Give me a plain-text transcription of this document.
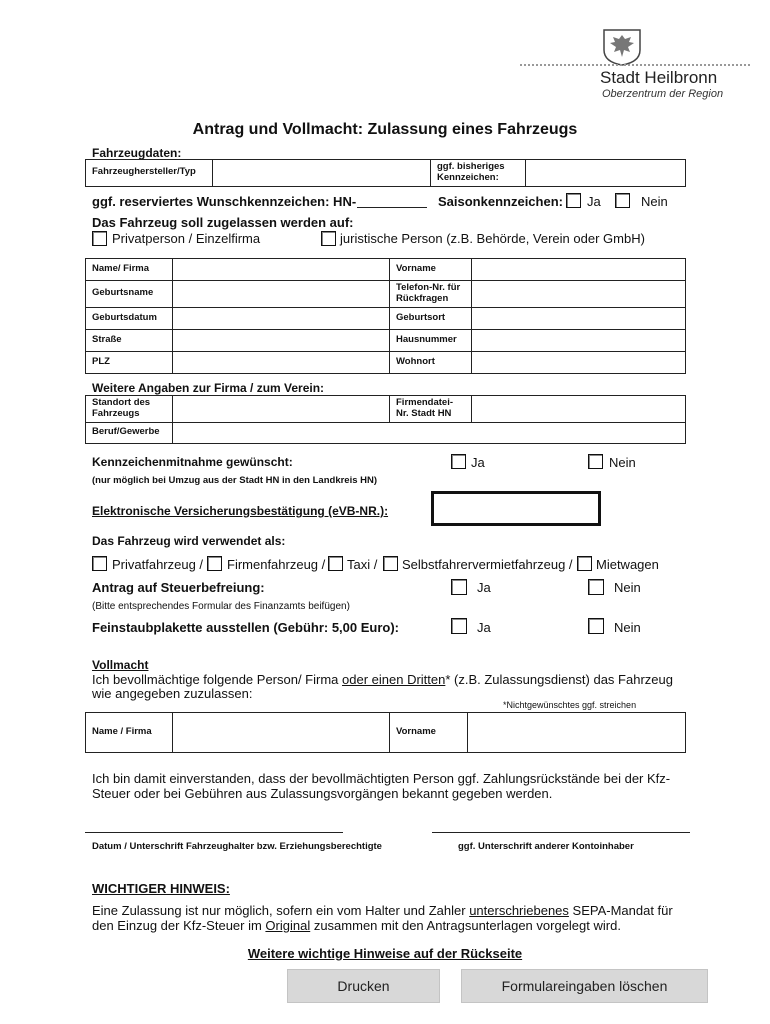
Stadt Heilbronn
Oberzentrum der Region
Antrag und Vollmacht: Zulassung eines Fahrzeugs
Fahrzeugdaten:
Fahrzeughersteller/Typ		ggf. bisheriges Kennzeichen:	
ggf. reserviertes Wunschkennzeichen: HN-	Saisonkennzeichen: Ja	Nein
Das Fahrzeug soll zugelassen werden auf:
Privatperson / Einzelfirma	juristische Person (z.B. Behörde, Verein oder GmbH)
Name/ Firma		Vorname	
Geburtsname		Telefon-Nr. für Rückfragen	
Geburtsdatum		Geburtsort	
Straße		Hausnummer	
PLZ		Wohnort	
Weitere Angaben zur Firma / zum Verein:
Standort des Fahrzeugs		Firmendatei-Nr. Stadt HN	
Beruf/Gewerbe			
Kennzeichenmitnahme gewünscht:	Ja	Nein
(nur möglich bei Umzug aus der Stadt HN in den Landkreis HN)
Elektronische Versicherungsbestätigung (eVB-NR.):
Das Fahrzeug wird verwendet als:
Privatfahrzeug / Firmenfahrzeug / Taxi / Selbstfahrervermietfahrzeug / Mietwagen
Antrag auf Steuerbefreiung:	Ja	Nein
(Bitte entsprechendes Formular des Finanzamts beifügen)
Feinstaubplakette ausstellen (Gebühr: 5,00 Euro):	Ja	Nein
Vollmacht
Ich bevollmächtige folgende Person/ Firma oder einen Dritten* (z.B. Zulassungsdienst) das Fahrzeug
wie angegeben zuzulassen:
*Nichtgewünschtes ggf. streichen
Name / Firma		Vorname	
Ich bin damit einverstanden, dass der bevollmächtigten Person ggf. Zahlungsrückstände bei der Kfz-
Steuer oder bei Gebühren aus Zulassungsvorgängen bekannt gegeben werden.
Datum / Unterschrift Fahrzeughalter bzw. Erziehungsberechtigte	ggf. Unterschrift anderer Kontoinhaber
WICHTIGER HINWEIS:
Eine Zulassung ist nur möglich, sofern ein vom Halter und Zahler unterschriebenes SEPA-Mandat für
den Einzug der Kfz-Steuer im Original zusammen mit den Antragsunterlagen vorgelegt wird.
Weitere wichtige Hinweise auf der Rückseite
Drucken	Formulareingaben löschen
